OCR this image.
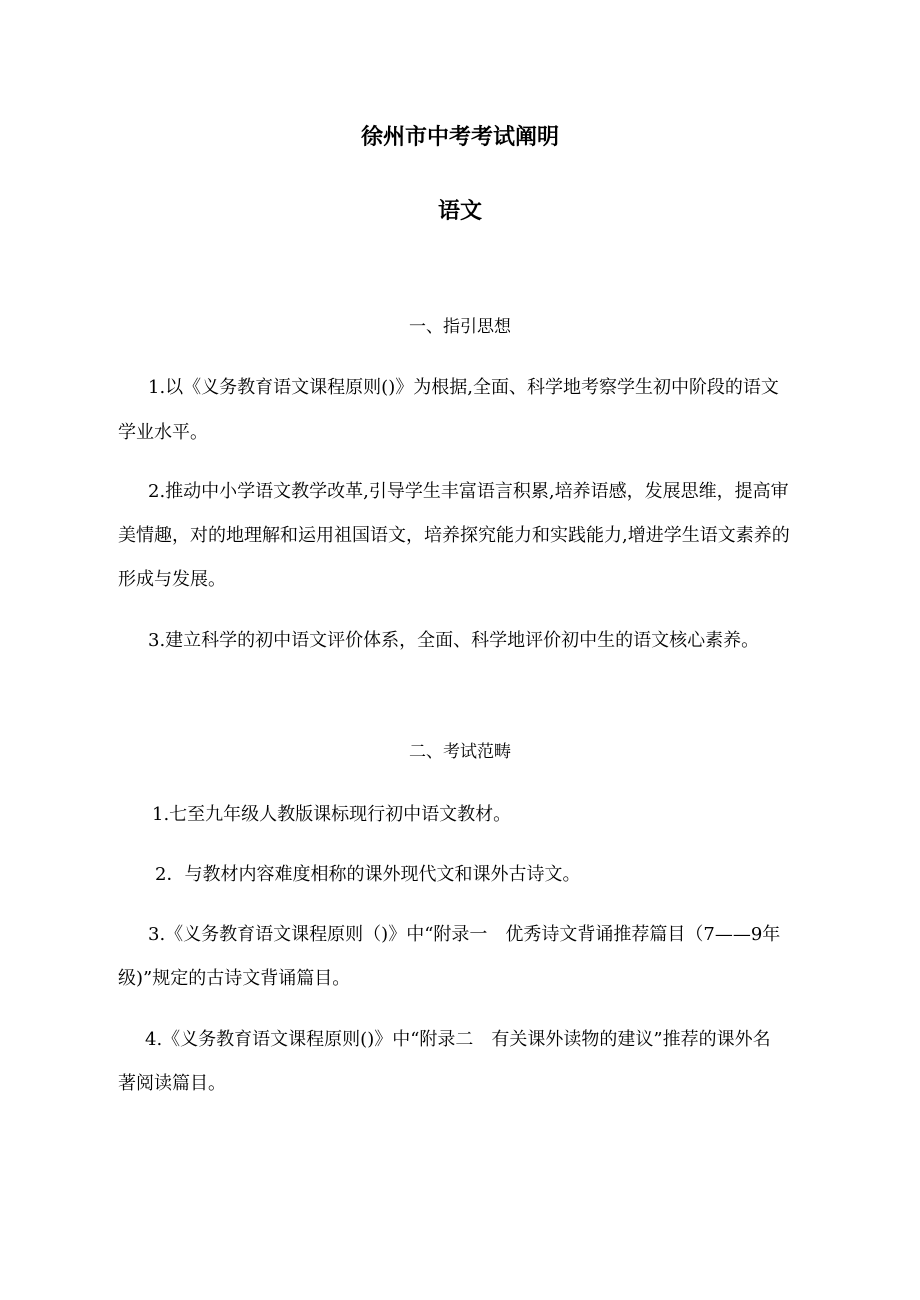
徐州市中考考试阐明
语文
一、指引思想
1.以《义务教育语文课程原则()》为根据,全面、科学地考察学生初中阶段的语文
学业水平。
2.推动中小学语文教学改革,引导学生丰富语言积累,培养语感，发展思维，提高审
美情趣，对的地理解和运用祖国语文，培养探究能力和实践能力,增进学生语文素养的
形成与发展。
3.建立科学的初中语文评价体系，全面、科学地评价初中生的语文核心素养。
二、考试范畴
1.七至九年级人教版课标现行初中语文教材。
2．与教材内容难度相称的课外现代文和课外古诗文。
3.《义务教育语文课程原则（)》中“附录一　优秀诗文背诵推荐篇目（7——9年
级)”规定的古诗文背诵篇目。
4.《义务教育语文课程原则()》中“附录二　有关课外读物的建议”推荐的课外名
著阅读篇目。
